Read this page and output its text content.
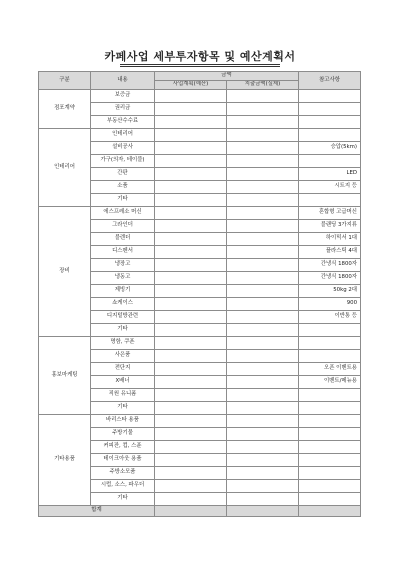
카페사업 세부투자항목 및 예산계획서
구분	내용	금액		참고사항
		사업계획(예산)	지출금액(실제)	
점포계약	보증금			
	권리금			
	부동산수수료			
인테리어	인테리어			
	설비공사			승압(5km)
	가구(의자, 테이블)			
	간판			LED
	소품			시트지 등
	기타			
장비	에스프레소 머신			혼합형 고급머신
	그라인더			블랜딩 3가지류
	블렌더			하이믹서 1대
	디스펜서			플라스틱 4대
	냉장고			간냉식 1800자
	냉동고			간냉식 1800자
	제빙기			50kg 2대
	쇼케이스			900
	디지털방관련			이반통 등
	기타			
홍보마케팅	명함, 쿠폰			
	사은품			
	전단지			오픈 이벤트용
	X배너			이벤트/메뉴용
	직원 유니폼			
	기타			
기타용품	바리스타 용품			
	주방기물			
	커피잔, 컵, 스푼			
	테이크아웃 용품			
	주방소모품			
	시럽, 소스, 파우더			
	기타			
합계				
